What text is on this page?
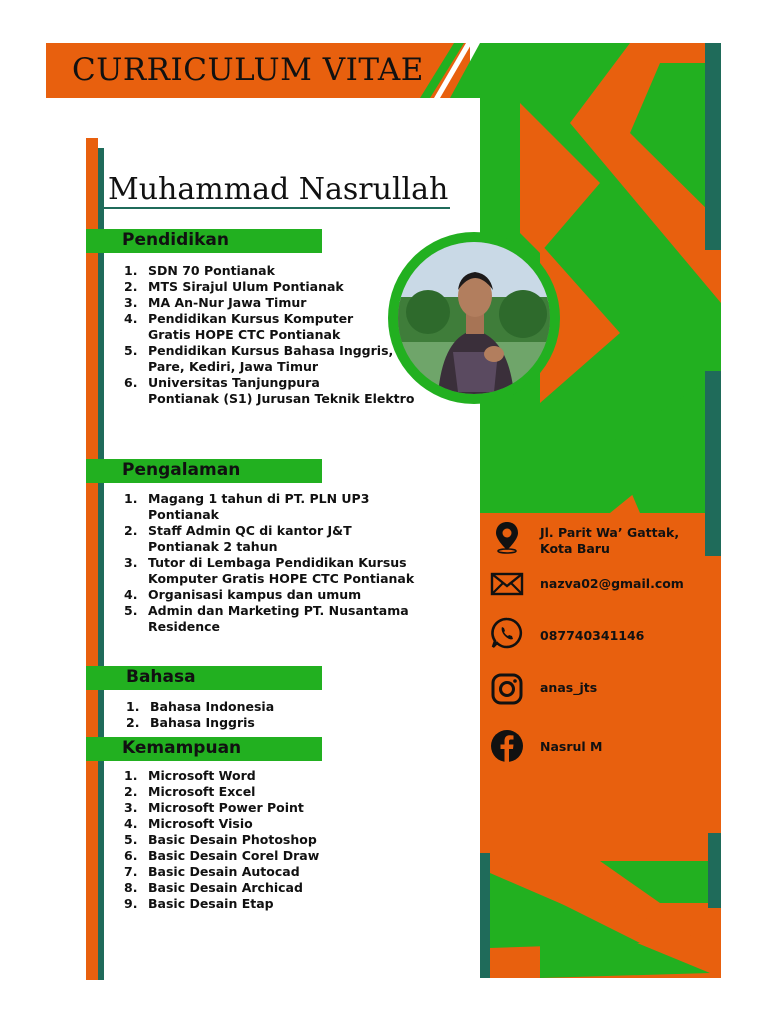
CURRICULUM VITAE
Muhammad Nasrullah
Pendidikan
1. SDN 70 Pontianak
2. MTS Sirajul Ulum Pontianak
3. MA An-Nur Jawa Timur
4. Pendidikan Kursus Komputer
Gratis HOPE CTC Pontianak
5. Pendidikan Kursus Bahasa Inggris,
Pare, Kediri, Jawa Timur
6. Universitas Tanjungpura
Pontianak (S1) Jurusan Teknik Elektro
Pengalaman
1. Magang 1 tahun di PT. PLN UP3
Pontianak
2. Staff Admin QC di kantor J&T
Pontianak 2 tahun
3. Tutor di Lembaga Pendidikan Kursus
Komputer Gratis HOPE CTC Pontianak
4. Organisasi kampus dan umum
5. Admin dan Marketing PT. Nusantama
Residence
Bahasa
1. Bahasa Indonesia
2. Bahasa Inggris
Kemampuan
1. Microsoft Word
2. Microsoft Excel
3. Microsoft Power Point
4. Microsoft Visio
5. Basic Desain Photoshop
6. Basic Desain Corel Draw
7. Basic Desain Autocad
8. Basic Desain Archicad
9. Basic Desain Etap
Jl. Parit Wa’ Gattak,
Kota Baru
nazva02@gmail.com
087740341146
anas_jts
Nasrul M
